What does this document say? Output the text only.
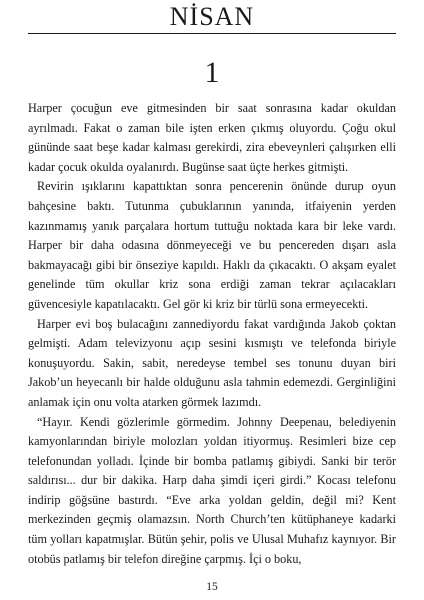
NİSAN
1

Harper çocuğun eve gitmesinden bir saat sonrasına kadar okuldan ayrılmadı. Fakat o zaman bile işten erken çıkmış oluyordu. Çoğu okul gününde saat beşe kadar kalması gerekirdi, zira ebeveynleri çalışırken elli kadar çocuk okulda oyalanırdı. Bugünse saat üçte herkes gitmişti.

Revirin ışıklarını kapattıktan sonra pencerenin önünde durup oyun bahçesine baktı. Tutunma çubuklarının yanında, itfaiyenin yerden kazınmamış yanık parçalara hortum tuttuğu noktada kara bir leke vardı. Harper bir daha odasına dönmeyeceği ve bu pencereden dışarı asla bakmayacağı gibi bir önseziye kapıldı. Haklı da çıkacaktı. O akşam eyalet genelinde tüm okullar kriz sona erdiği zaman tekrar açılacakları güvencesiyle kapatılacaktı. Gel gör ki kriz bir türlü sona ermeyecekti.

Harper evi boş bulacağını zannediyordu fakat vardığında Jakob çoktan gelmişti. Adam televizyonu açıp sesini kısmıştı ve telefonda biriyle konuşuyordu. Sakin, sabit, neredeyse tembel ses tonunu duyan biri Jakob’un heyecanlı bir halde olduğunu asla tahmin edemezdi. Gerginliğini anlamak için onu volta atarken görmek lazımdı.

“Hayır. Kendi gözlerimle görmedim. Johnny Deepenau, belediyenin kamyonlarından biriyle molozları yoldan itiyormuş. Resimleri bize cep telefonundan yolladı. İçinde bir bomba patlamış gibiydi. Sanki bir terör saldırısı... dur bir dakika. Harp daha şimdi içeri girdi.” Kocası telefonu indirip göğsüne bastırdı. “Eve arka yoldan geldin, değil mi? Kent merkezinden geçmiş olamazsın. North Church’ten kütüphaneye kadarki tüm yolları kapatmışlar. Bütün şehir, polis ve Ulusal Muhafız kaynıyor. Bir otobüs patlamış bir telefon direğine çarpmış. İçi o boku,

15
